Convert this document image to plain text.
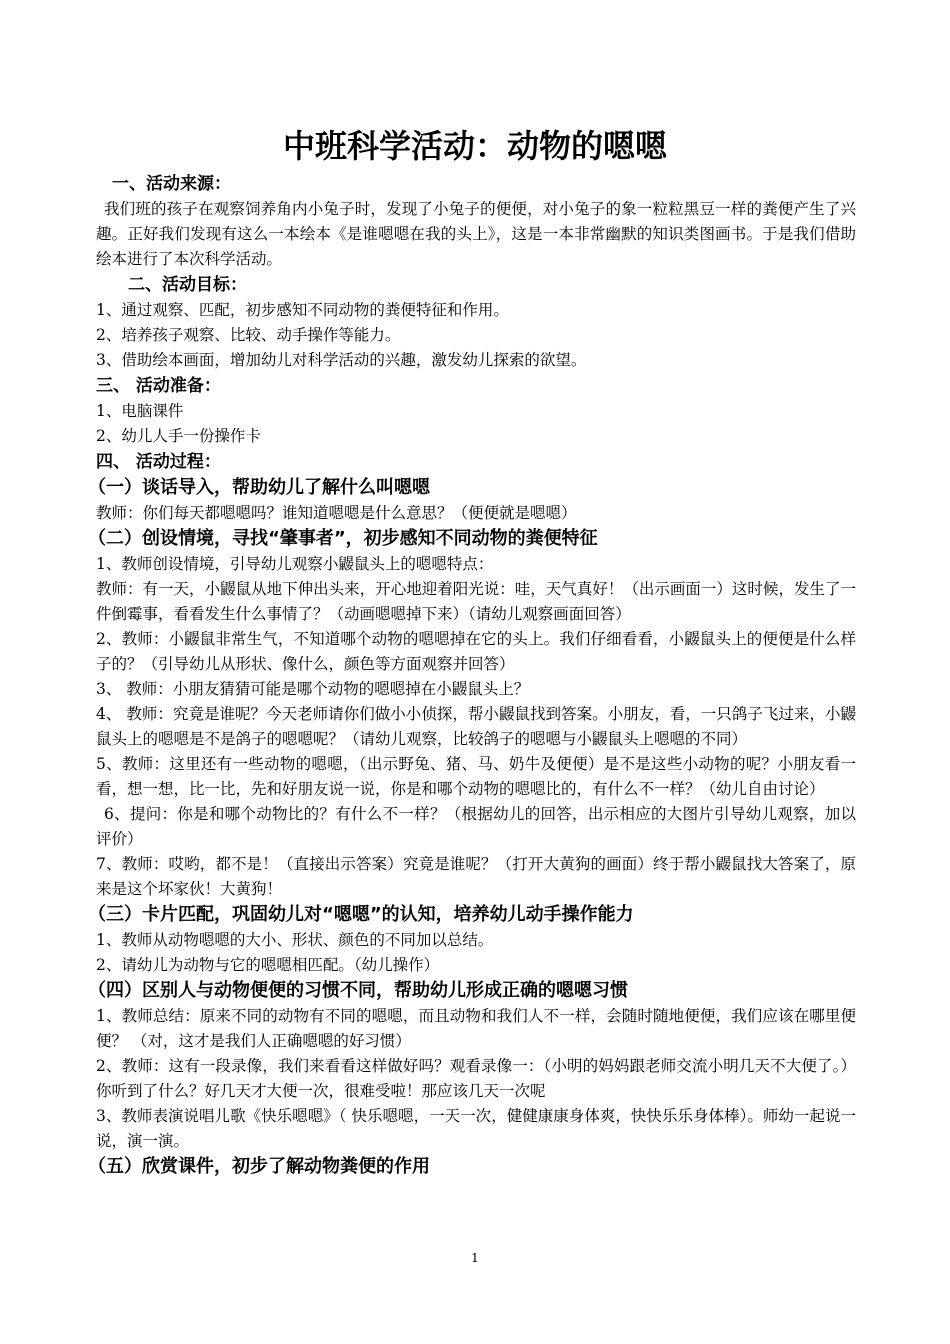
中班科学活动：动物的嗯嗯
一、活动来源：
我们班的孩子在观察饲养角内小兔子时，发现了小兔子的便便，对小兔子的象一粒粒黑豆一样的粪便产生了兴趣。正好我们发现有这么一本绘本《是谁嗯嗯在我的头上》，这是一本非常幽默的知识类图画书。于是我们借助绘本进行了本次科学活动。
二、活动目标：
1、通过观察、匹配，初步感知不同动物的粪便特征和作用。
2、培养孩子观察、比较、动手操作等能力。
3、借助绘本画面，增加幼儿对科学活动的兴趣，激发幼儿探索的欲望。
三、 活动准备：
1、电脑课件
2、幼儿人手一份操作卡
四、 活动过程：
（一）谈话导入，帮助幼儿了解什么叫嗯嗯
教师：你们每天都嗯嗯吗？谁知道嗯嗯是什么意思？（便便就是嗯嗯）
（二）创设情境，寻找“肇事者”，初步感知不同动物的粪便特征
1、教师创设情境，引导幼儿观察小鼹鼠头上的嗯嗯特点：
教师：有一天，小鼹鼠从地下伸出头来，开心地迎着阳光说：哇，天气真好！（出示画面一）这时候，发生了一件倒霉事，看看发生什么事情了？（动画嗯嗯掉下来）（请幼儿观察画面回答）
2、教师：小鼹鼠非常生气，不知道哪个动物的嗯嗯掉在它的头上。我们仔细看看，小鼹鼠头上的便便是什么样子的？（引导幼儿从形状、像什么，颜色等方面观察并回答）
3、 教师：小朋友猜猜可能是哪个动物的嗯嗯掉在小鼹鼠头上？
4、 教师：究竟是谁呢？今天老师请你们做小小侦探，帮小鼹鼠找到答案。小朋友，看，一只鸽子飞过来，小鼹鼠头上的嗯嗯是不是鸽子的嗯嗯呢？（请幼儿观察，比较鸽子的嗯嗯与小鼹鼠头上嗯嗯的不同）
5、教师：这里还有一些动物的嗯嗯，（出示野兔、猪、马、奶牛及便便）是不是这些小动物的呢？小朋友看一看，想一想，比一比，先和好朋友说一说，你是和哪个动物的嗯嗯比的，有什么不一样？（幼儿自由讨论）
6、提问：你是和哪个动物比的？有什么不一样？（根据幼儿的回答，出示相应的大图片引导幼儿观察，加以评价）
7、教师：哎哟，都不是！（直接出示答案）究竟是谁呢？（打开大黄狗的画面）终于帮小鼹鼠找大答案了，原来是这个坏家伙！大黄狗！
（三）卡片匹配，巩固幼儿对“嗯嗯”的认知，培养幼儿动手操作能力
1、教师从动物嗯嗯的大小、形状、颜色的不同加以总结。
2、请幼儿为动物与它的嗯嗯相匹配。（幼儿操作）
（四）区别人与动物便便的习惯不同，帮助幼儿形成正确的嗯嗯习惯
1、教师总结：原来不同的动物有不同的嗯嗯，而且动物和我们人不一样，会随时随地便便，我们应该在哪里便便？ （对，这才是我们人正确嗯嗯的好习惯）
2、教师：这有一段录像，我们来看看这样做好吗？观看录像一：（小明的妈妈跟老师交流小明几天不大便了。）你听到了什么？好几天才大便一次，很难受啦！那应该几天一次呢
3、教师表演说唱儿歌《快乐嗯嗯》（ 快乐嗯嗯，一天一次，健健康康身体爽，快快乐乐身体棒）。师幼一起说一说，演一演。
（五）欣赏课件，初步了解动物粪便的作用
1
